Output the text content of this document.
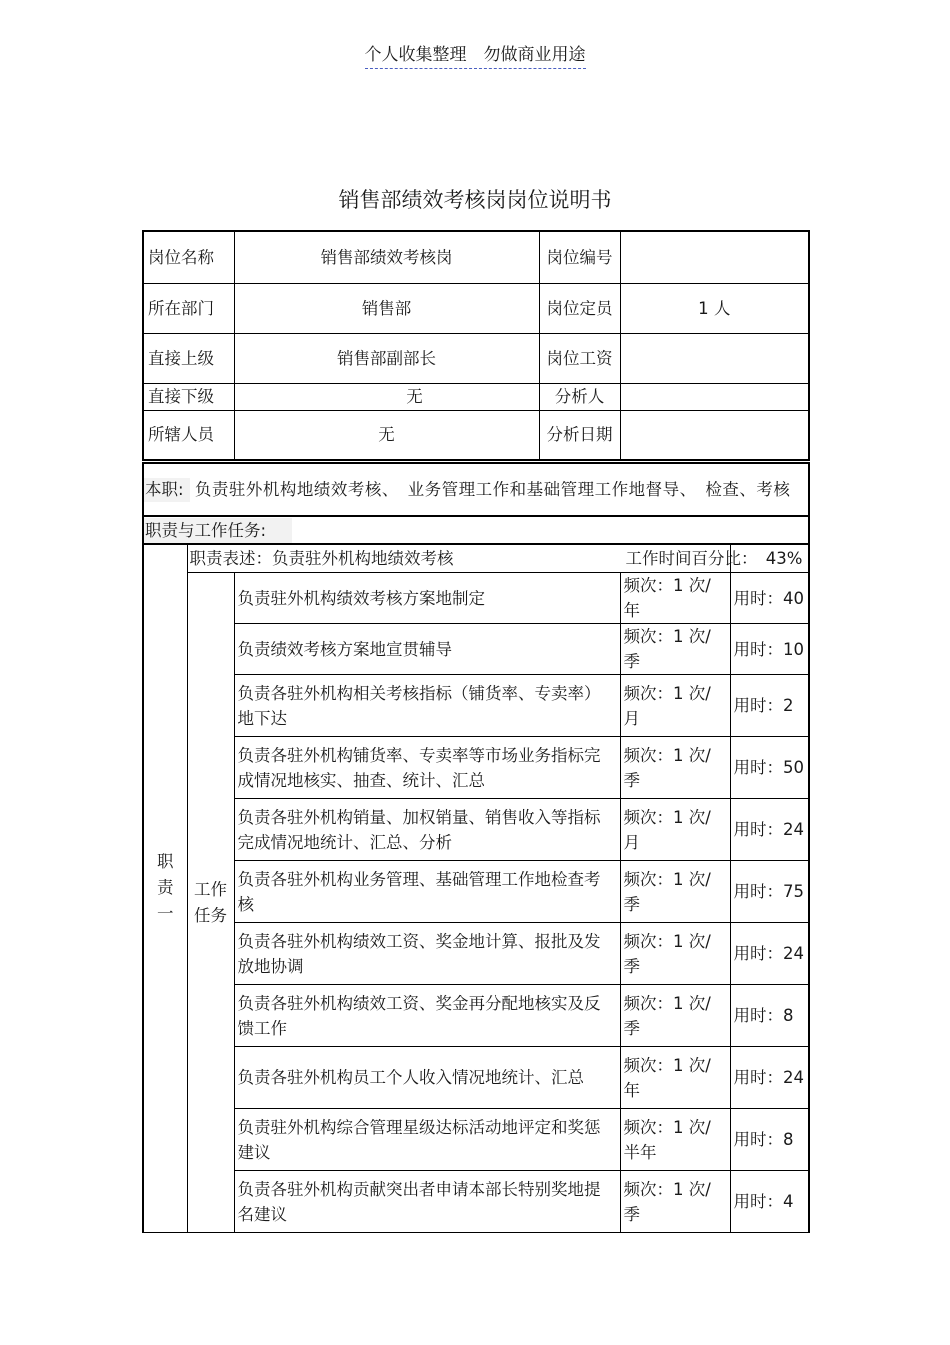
个人收集整理　勿做商业用途
销售部绩效考核岗岗位说明书
岗位名称	销售部绩效考核岗	岗位编号	
所在部门	销售部	岗位定员	1 人
直接上级	销售部副部长	岗位工资	
直接下级	无	分析人	
所辖人员	无	分析日期	
本职: 负责驻外机构地绩效考核、　业务管理工作和基础管理工作地督导、　检查、考核
职责与工作任务:
职责一	职责表述：负责驻外机构地绩效考核			工作时间百分比：　43%

	工作任务	负责驻外机构绩效考核方案地制定	频次：1 次/年	用时：40
		负责绩效考核方案地宣贯辅导	频次：1 次/季	用时：10
		负责各驻外机构相关考核指标（铺货率、专卖率）地下达	频次：1 次/月	用时：2
		负责各驻外机构铺货率、专卖率等市场业务指标完成情况地核实、抽查、统计、汇总	频次：1 次/季	用时：50
		负责各驻外机构销量、加权销量、销售收入等指标完成情况地统计、汇总、分析	频次：1 次/月	用时：24
		负责各驻外机构业务管理、基础管理工作地检查考核	频次：1 次/季	用时：75
		负责各驻外机构绩效工资、奖金地计算、报批及发放地协调	频次：1 次/季	用时：24
		负责各驻外机构绩效工资、奖金再分配地核实及反馈工作	频次：1 次/季	用时：8
		负责各驻外机构员工个人收入情况地统计、汇总	频次：1 次/年	用时：24
		负责驻外机构综合管理星级达标活动地评定和奖惩建议	频次：1 次/半年	用时：8
		负责各驻外机构贡献突出者申请本部长特别奖地提名建议	频次：1 次/季	用时：4
